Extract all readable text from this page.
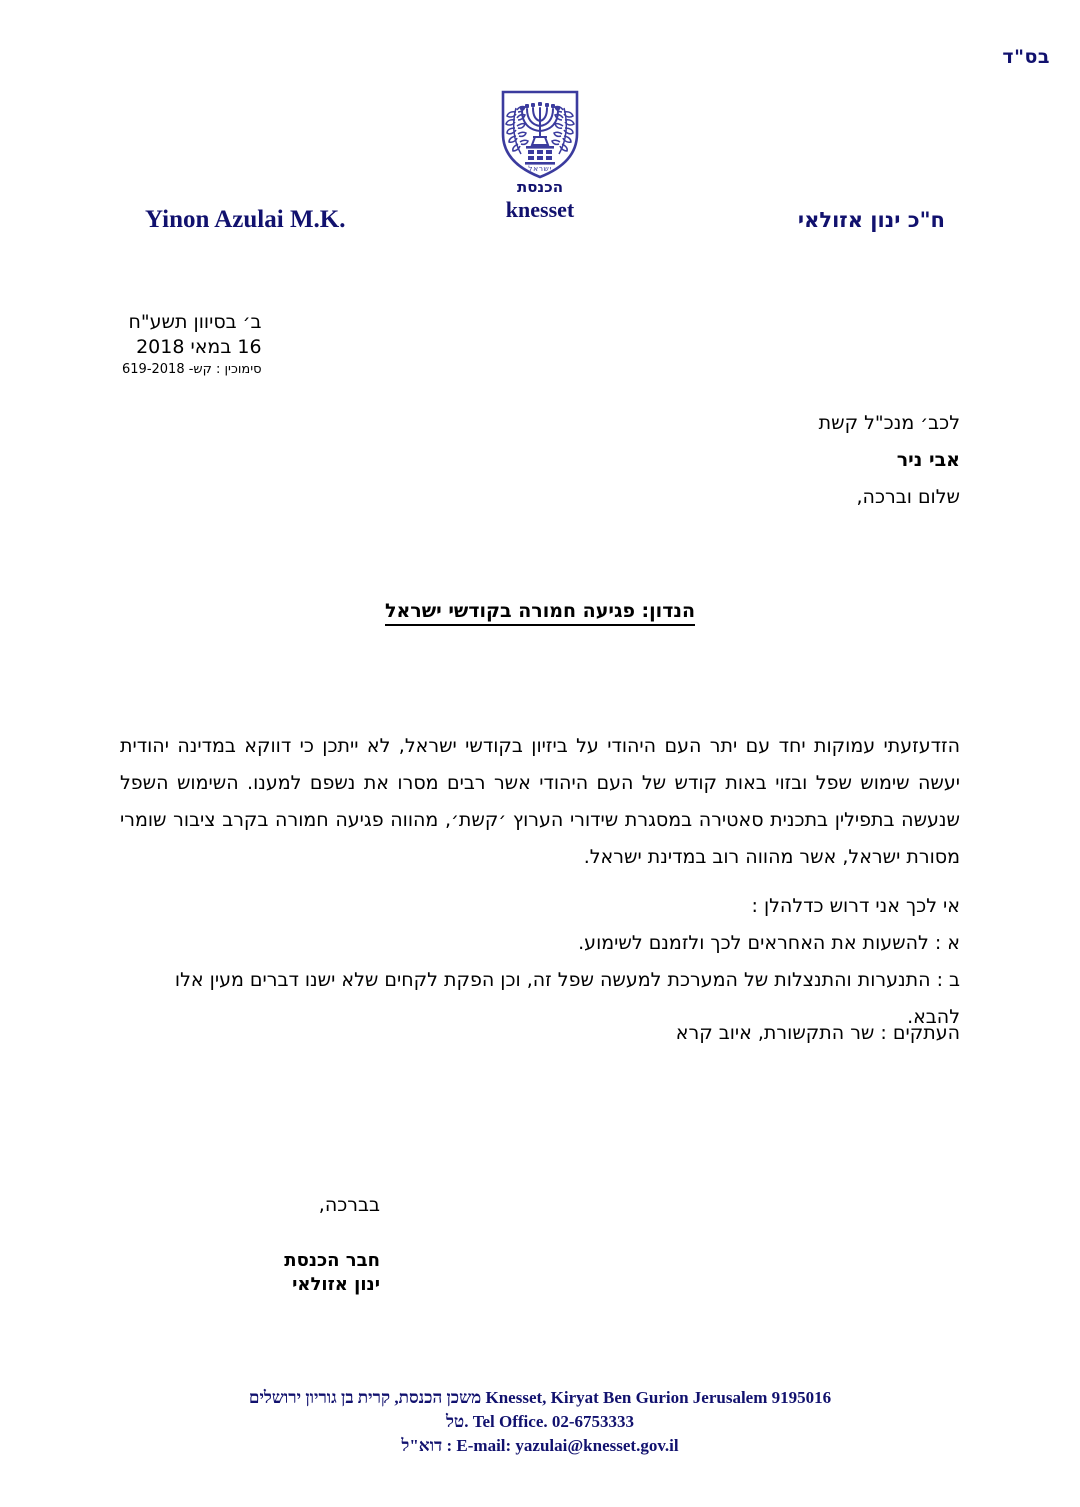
בס"ד
ישראל
הכנסת
knesset
Yinon Azulai M.K.	ח"כ ינון אזולאי
ב׳ בסיוון תשע"ח
16 במאי 2018
סימוכין : קש- 619-2018
לכב׳ מנכ"ל קשת
אבי ניר
שלום וברכה,
הנדון: פגיעה חמורה בקודשי ישראל

הזדעזעתי עמוקות יחד עם יתר העם היהודי על ביזיון בקודשי ישראל, לא ייתכן כי דווקא במדינה יהודית

יעשה שימוש שפל ובזוי באות קודש של העם היהודי אשר רבים מסרו את נשפם למענו. השימוש השפל

שנעשה בתפילין בתכנית סאטירה במסגרת שידורי הערוץ ׳קשת׳, מהווה פגיעה חמורה בקרב ציבור שומרי

מסורת ישראל, אשר מהווה רוב במדינת ישראל.

אי לכך אני דרוש כדלהלן :
א : להשעות את האחראים לכך ולזמנם לשימוע.
ב : התנערות והתנצלות של המערכת למעשה שפל זה, וכן הפקת לקחים שלא ישנו דברים מעין אלו להבא.
העתקים : שר התקשורת, איוב קרא
בברכה,
חבר הכנסת
ינון אזולאי
Knesset, Kiryat Ben Gurion Jerusalem 9195016 משכן הכנסת, קרית בן גוריון ירושלים
Tel Office. 02-6753333 .טל
E-mail: yazulai@knesset.gov.il : דוא"ל
